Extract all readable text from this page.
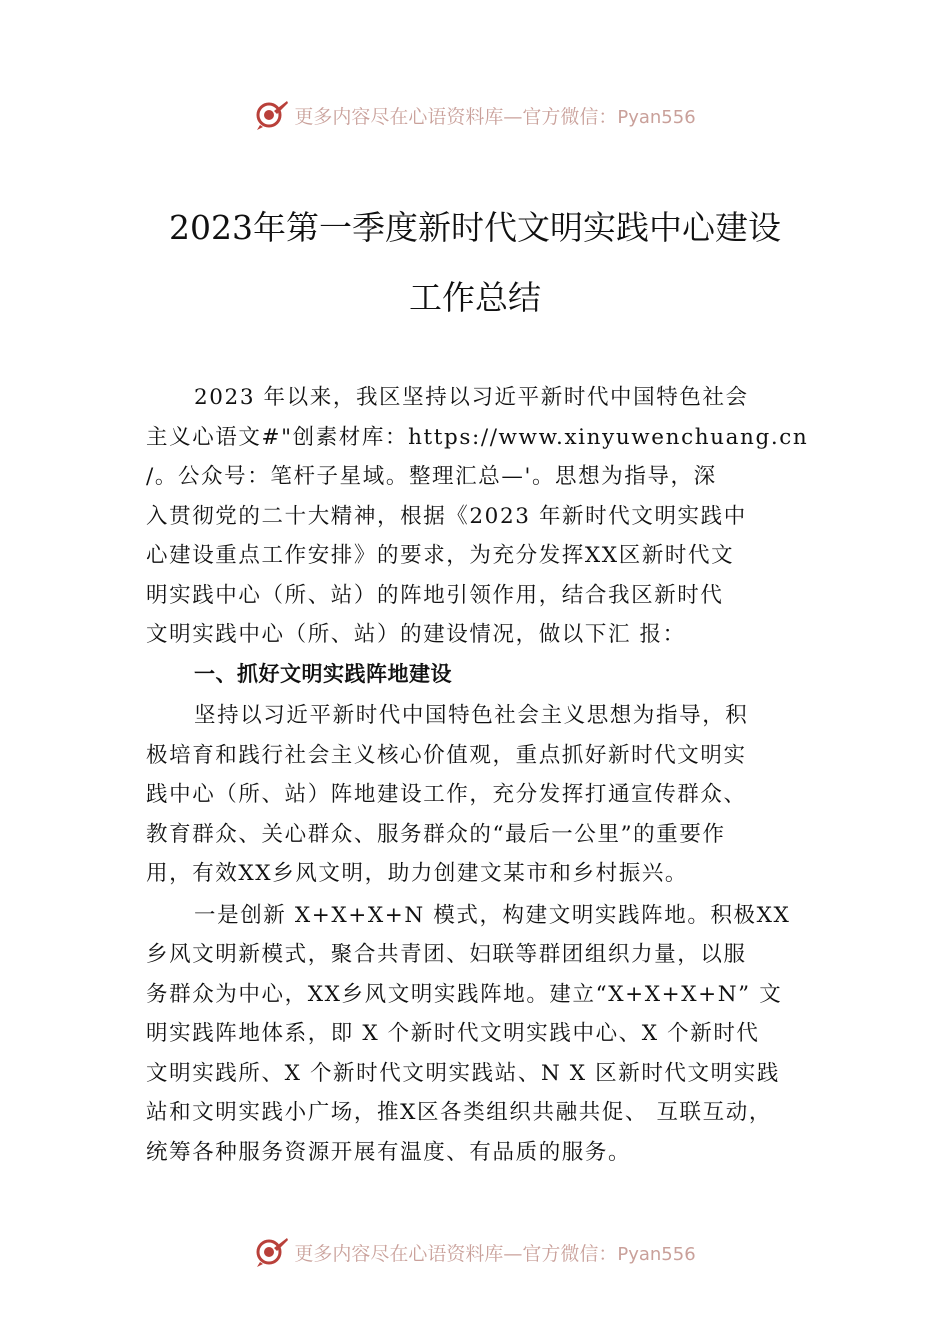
更多内容尽在心语资料库—官方微信：Pyan556
2023年第一季度新时代文明实践中心建设
工作总结
2023 年以来，我区坚持以习近平新时代中国特色社会
主义心语文#"创素材库：https://www.xinyuwenchuang.cn
/。公众号：笔杆子星域。整理汇总—'。思想为指导，深
入贯彻党的二十大精神，根据《2023 年新时代文明实践中
心建设重点工作安排》的要求，为充分发挥XX区新时代文
明实践中心（所、站）的阵地引领作用，结合我区新时代
文明实践中心（所、站）的建设情况，做以下汇 报：
一、抓好文明实践阵地建设
坚持以习近平新时代中国特色社会主义思想为指导，积
极培育和践行社会主义核心价值观，重点抓好新时代文明实
践中心（所、站）阵地建设工作，充分发挥打通宣传群众、
教育群众、关心群众、服务群众的“最后一公里”的重要作
用，有效XX乡风文明，助力创建文某市和乡村振兴。
一是创新 X+X+X+N 模式，构建文明实践阵地。积极XX
乡风文明新模式，聚合共青团、妇联等群团组织力量，以服
务群众为中心，XX乡风文明实践阵地。建立“X+X+X+N” 文
明实践阵地体系，即 X 个新时代文明实践中心、X 个新时代
文明实践所、X 个新时代文明实践站、N X 区新时代文明实践
站和文明实践小广场，推X区各类组织共融共促、 互联互动，
统筹各种服务资源开展有温度、有品质的服务。
更多内容尽在心语资料库—官方微信：Pyan556
